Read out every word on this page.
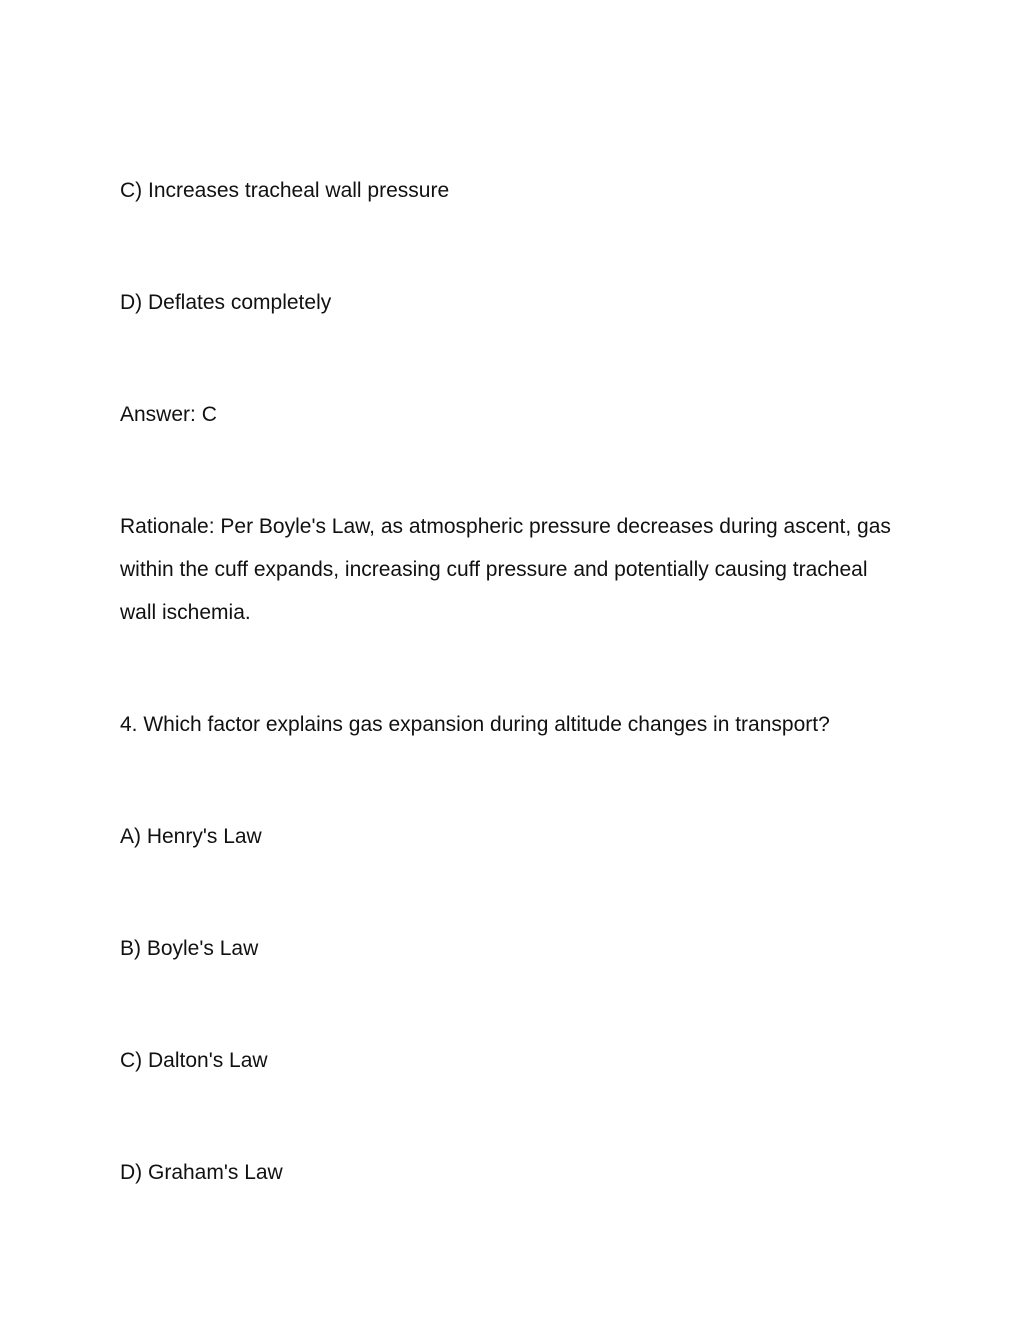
C) Increases tracheal wall pressure
D) Deflates completely
Answer: C
Rationale: Per Boyle's Law, as atmospheric pressure decreases during ascent, gas within the cuff expands, increasing cuff pressure and potentially causing tracheal wall ischemia.
4. Which factor explains gas expansion during altitude changes in transport?
A) Henry's Law
B) Boyle's Law
C) Dalton's Law
D) Graham's Law
